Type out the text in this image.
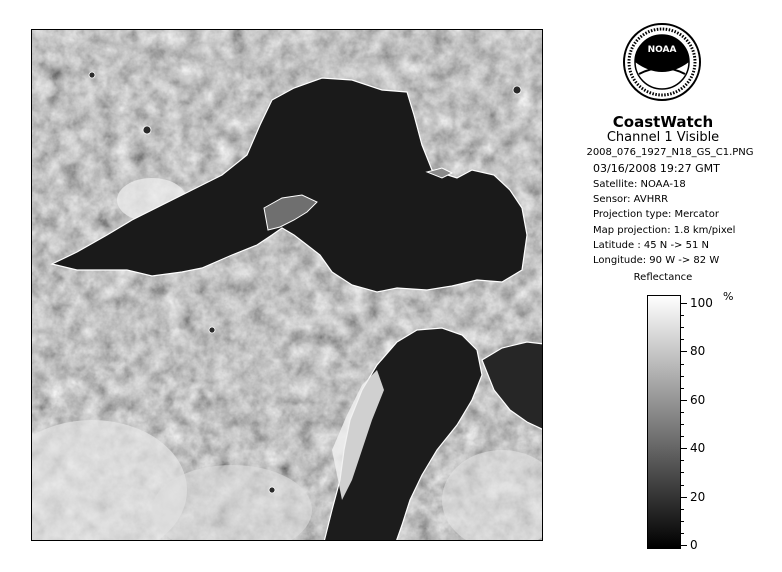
NOAA
CoastWatch
Channel 1 Visible
2008_076_1927_N18_GS_C1.PNG
03/16/2008 19:27 GMT
Satellite: NOAA-18
Sensor: AVHRR
Projection type: Mercator
Map projection: 1.8 km/pixel
Latitude : 45 N -> 51 N
Longitude: 90 W -> 82 W
Reflectance
%
100
80
60
40
20
0
